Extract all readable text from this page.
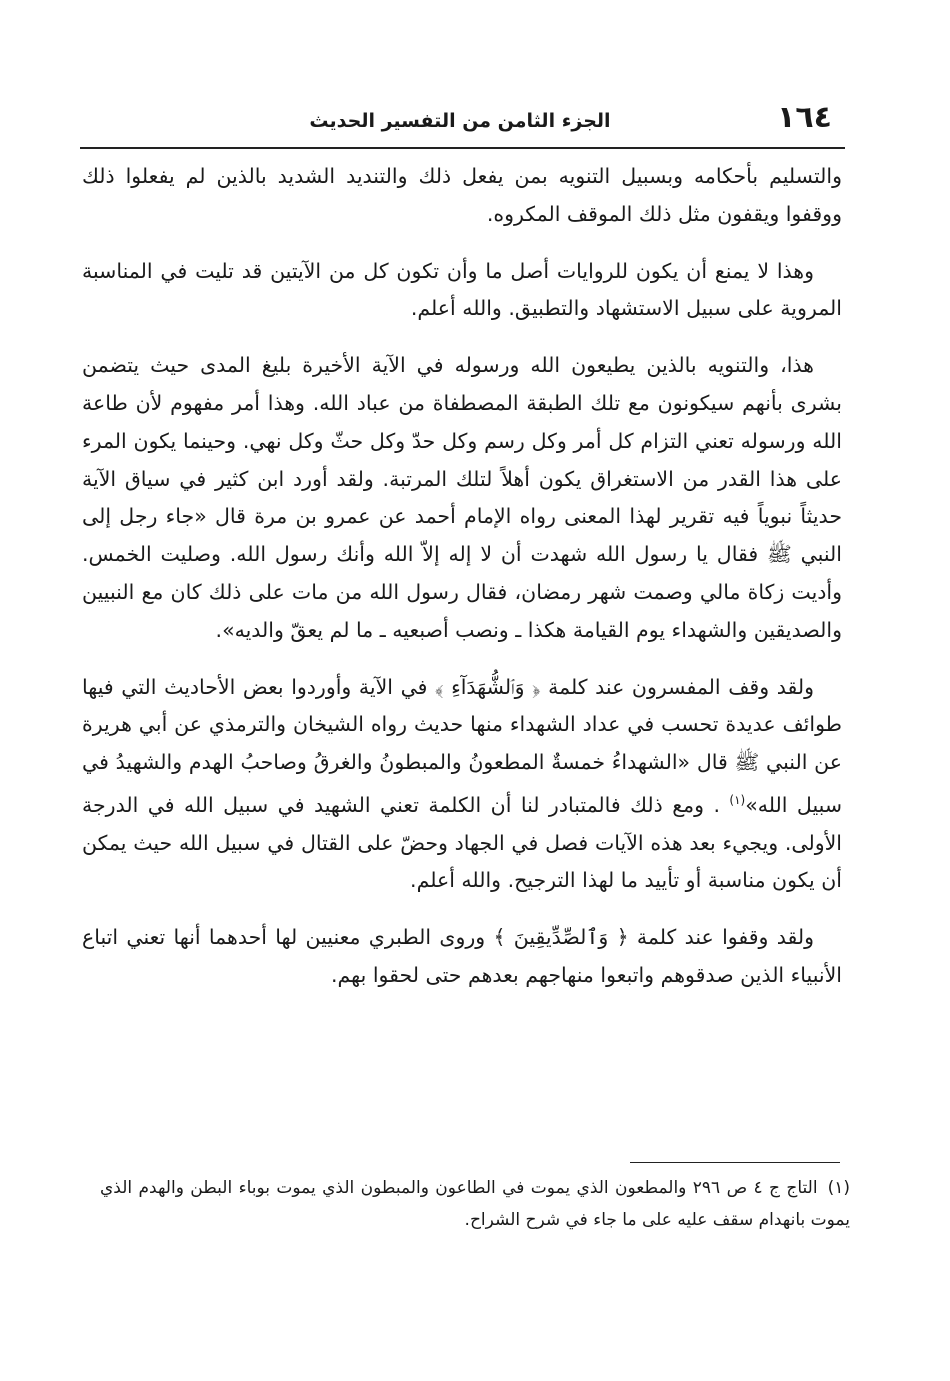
١٦٤
الجزء الثامن من التفسير الحديث

والتسليم بأحكامه وبسبيل التنويه بمن يفعل ذلك والتنديد الشديد بالذين لم يفعلوا ذلك ووقفوا ويقفون مثل ذلك الموقف المكروه.

وهذا لا يمنع أن يكون للروايات أصل ما وأن تكون كل من الآيتين قد تليت في المناسبة المروية على سبيل الاستشهاد والتطبيق. والله أعلم.

هذا، والتنويه بالذين يطيعون الله ورسوله في الآية الأخيرة بليغ المدى حيث يتضمن بشرى بأنهم سيكونون مع تلك الطبقة المصطفاة من عباد الله. وهذا أمر مفهوم لأن طاعة الله ورسوله تعني التزام كل أمر وكل رسم وكل حدّ وكل حثّ وكل نهي. وحينما يكون المرء على هذا القدر من الاستغراق يكون أهلاً لتلك المرتبة. ولقد أورد ابن كثير في سياق الآية حديثاً نبوياً فيه تقرير لهذا المعنى رواه الإمام أحمد عن عمرو بن مرة قال «جاء رجل إلى النبي ﷺ فقال يا رسول الله شهدت أن لا إله إلاّ الله وأنك رسول الله. وصليت الخمس. وأديت زكاة مالي وصمت شهر رمضان، فقال رسول الله من مات على ذلك كان مع النبيين والصديقين والشهداء يوم القيامة هكذا ـ ونصب أصبعيه ـ ما لم يعقّ والديه».

ولقد وقف المفسرون عند كلمة ﴿ وَٱلشُّهَدَآءِ ﴾ في الآية وأوردوا بعض الأحاديث التي فيها طوائف عديدة تحسب في عداد الشهداء منها حديث رواه الشيخان والترمذي عن أبي هريرة عن النبي ﷺ قال «الشهداءُ خمسةٌ المطعونُ والمبطونُ والغرقُ وصاحبُ الهدم والشهيدُ في سبيل الله»$^{(١)}$ . ومع ذلك فالمتبادر لنا أن الكلمة تعني الشهيد في سبيل الله في الدرجة الأولى. ويجيء بعد هذه الآيات فصل في الجهاد وحضّ على القتال في سبيل الله حيث يمكن أن يكون مناسبة أو تأييد ما لهذا الترجيح. والله أعلم.

ولقد وقفوا عند كلمة ﴿ وَٱلصِّدِّيقِينَ ﴾ وروى الطبري معنيين لها أحدهما أنها تعني اتباع الأنبياء الذين صدقوهم واتبعوا منهاجهم بعدهم حتى لحقوا بهم.

(١)التاج ج ٤ ص ٢٩٦ والمطعون الذي يموت في الطاعون والمبطون الذي يموت بوباء البطن والهدم الذي يموت بانهدام سقف عليه على ما جاء في شرح الشراح.
